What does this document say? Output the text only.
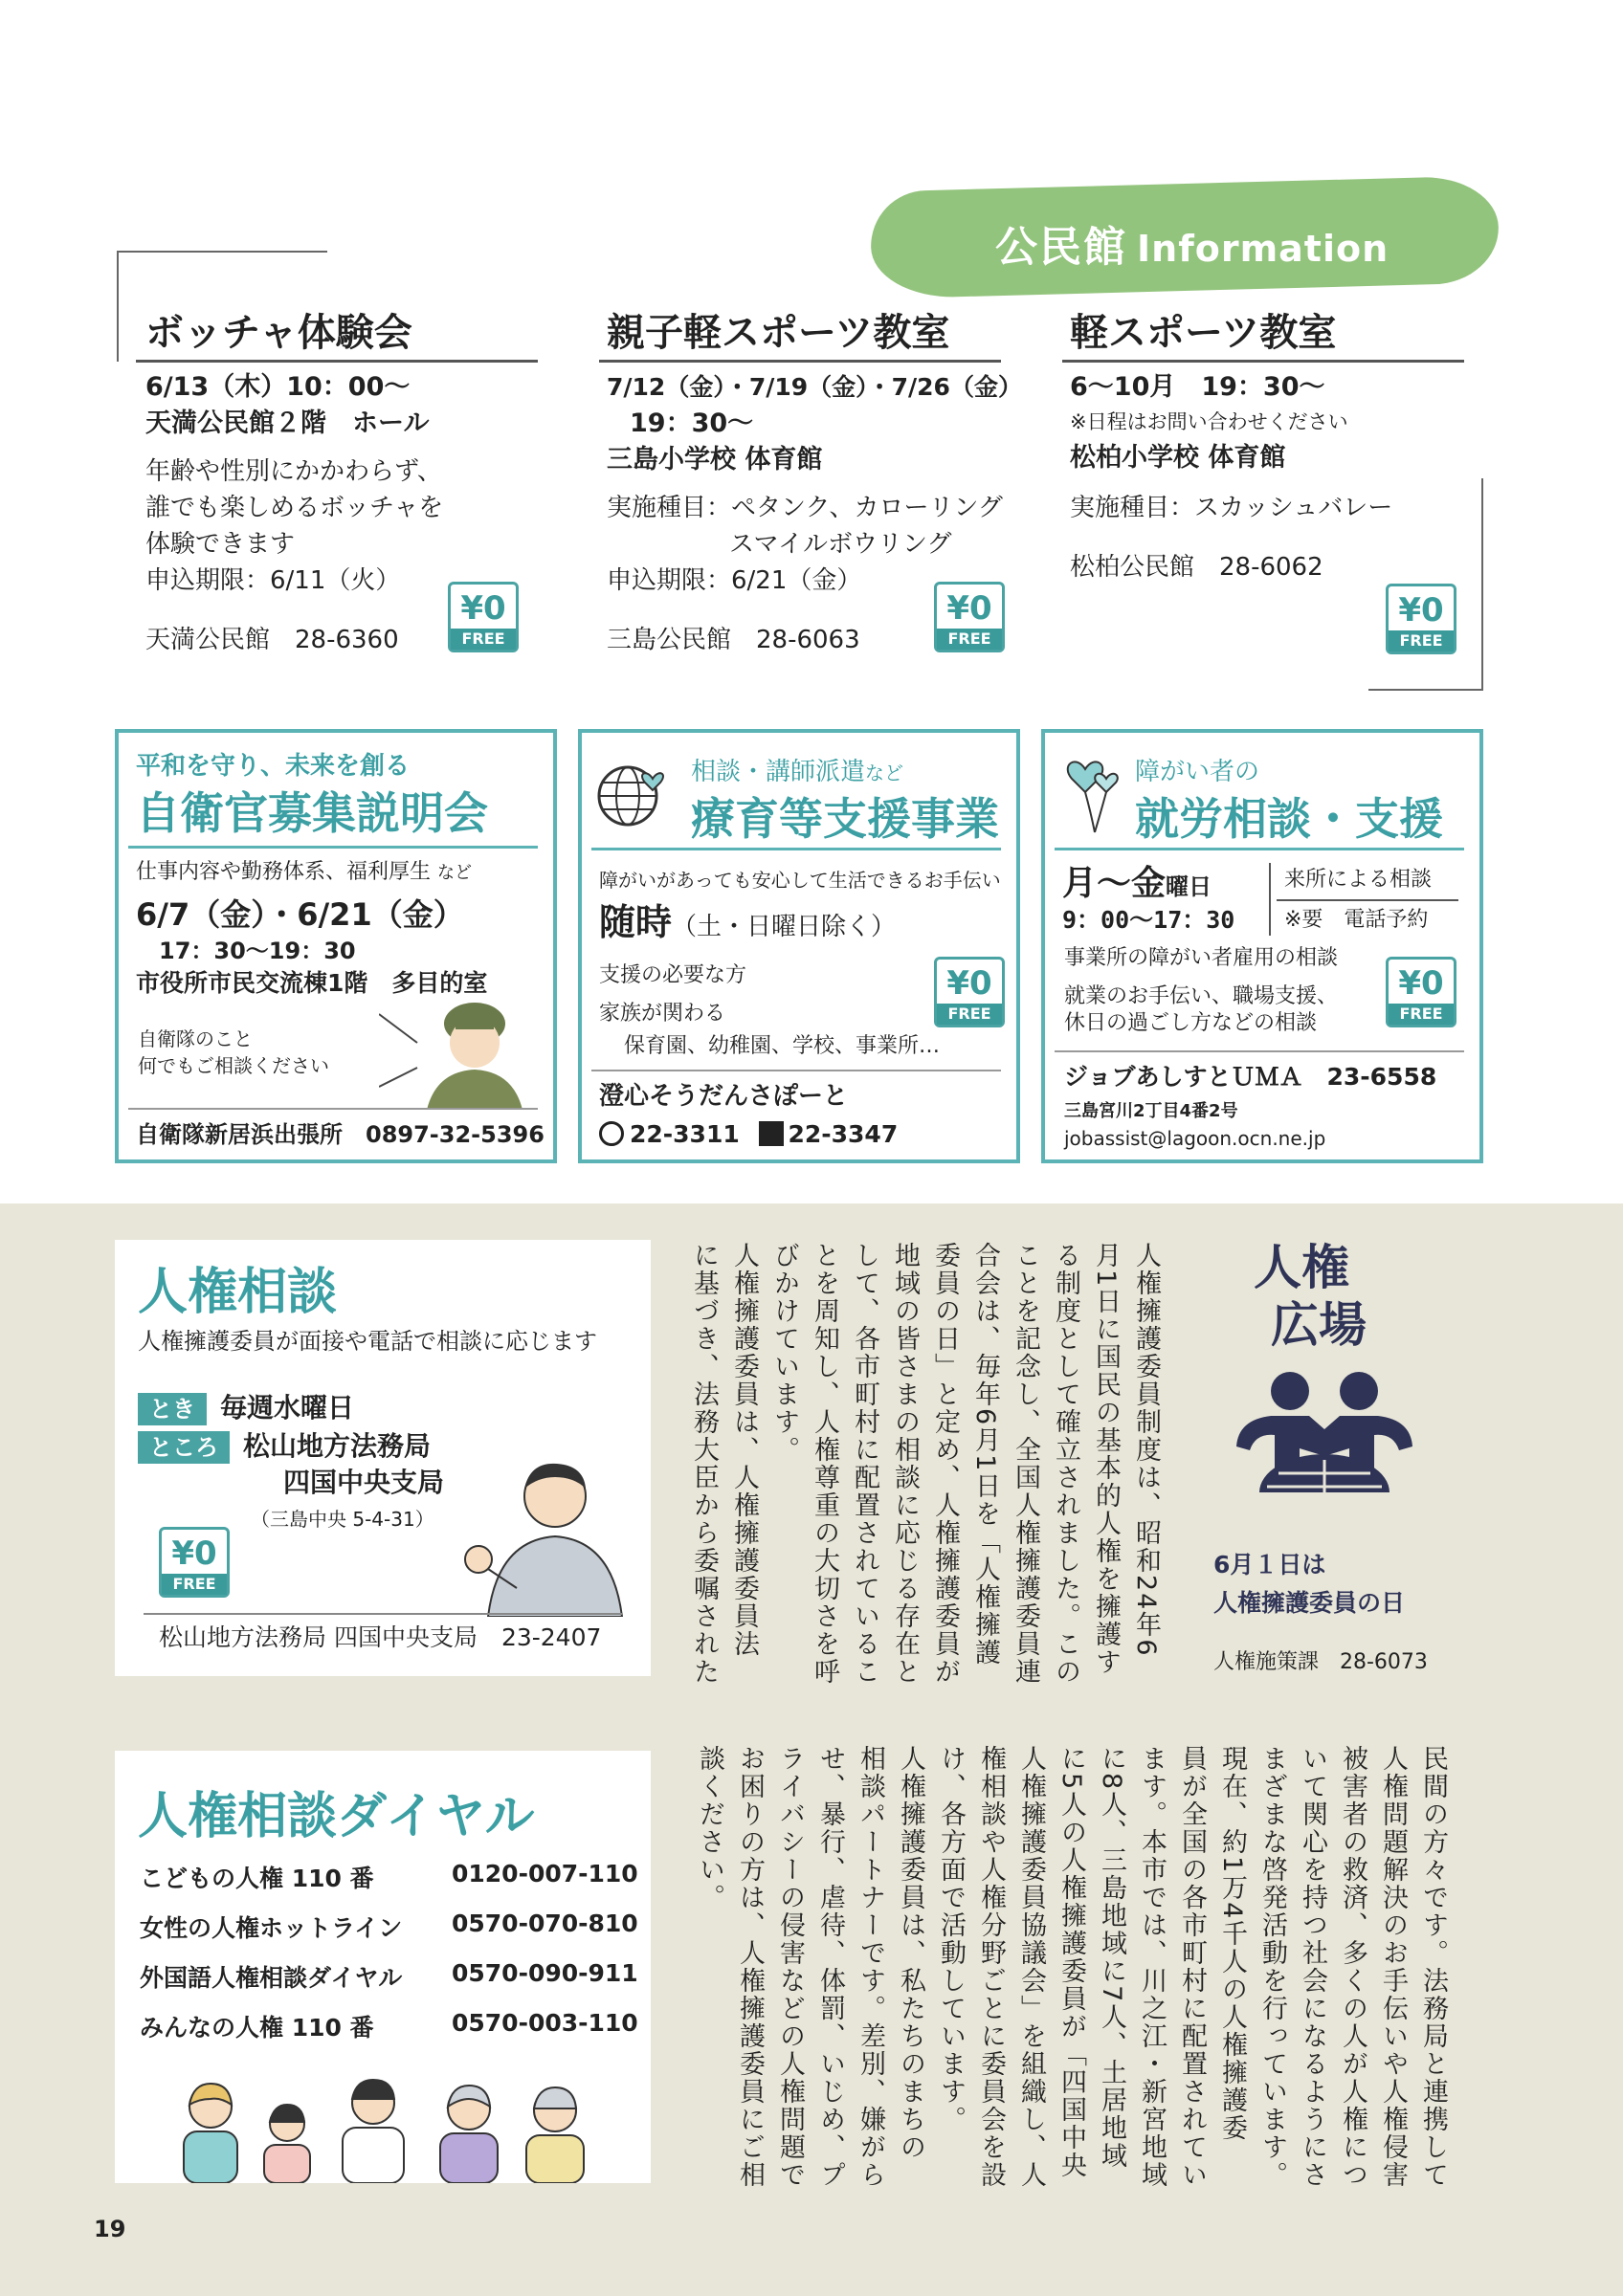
公民館 Information
ボッチャ体験会
6/13（木）10：00〜
天満公民館２階　ホール
年齢や性別にかかわらず、
誰でも楽しめるボッチャを
体験できます
申込期限：6/11（火）
天満公民館　28-6360
¥0
FREE
親子軽スポーツ教室
7/12（金）・7/19（金）・7/26（金）
19：30〜
三島小学校 体育館
実施種目：ペタンク、カローリング
スマイルボウリング
申込期限：6/21（金）
三島公民館　28-6063
¥0
FREE
軽スポーツ教室
6〜10月　19：30〜
※日程はお問い合わせください
松柏小学校 体育館
実施種目：スカッシュバレー
松柏公民館　28-6062
¥0
FREE
平和を守り、未来を創る
自衛官募集説明会
仕事内容や勤務体系、福利厚生 など
6/7（金）・6/21（金）
17：30〜19：30
市役所市民交流棟1階　多目的室
自衛隊のこと
何でもご相談ください
自衛隊新居浜出張所　0897-32-5396
相談・講師派遣など
療育等支援事業
障がいがあっても安心して生活できるお手伝い
随時（土・日曜日除く）
支援の必要な方
家族が関わる
保育園、幼稚園、学校、事業所…
¥0
FREE
澄心そうだんさぽーと
22-3311 22-3347
障がい者の
就労相談・支援
月〜金曜日
9：00〜17：30
来所による相談
※要　電話予約
事業所の障がい者雇用の相談
就業のお手伝い、職場支援、
休日の過ごし方などの相談
¥0
FREE
ジョブあしすとＵＭＡ　23-6558
三島宮川2丁目4番2号
jobassist@lagoon.ocn.ne.jp
人権相談
人権擁護委員が面接や電話で相談に応じます
とき 毎週水曜日
ところ 松山地方法務局
四国中央支局
（三島中央 5-4-31）
¥0
FREE
松山地方法務局 四国中央支局　23-2407	人権擁護委員制度は、昭和24年6
月1日に国民の基本的人権を擁護す
る制度として確立されました。この
ことを記念し、全国人権擁護委員連
合会は、毎年6月1日を「人権擁護
委員の日」と定め、人権擁護委員が
地域の皆さまの相談に応じる存在と
して、各市町村に配置されているこ
とを周知し、人権尊重の大切さを呼
びかけています。
人権擁護委員は、人権擁護委員法
に基づき、法務大臣から委嘱された	人権
広場
6月１日は
人権擁護委員の日
人権施策課　28-6073
人権相談ダイヤル
こどもの人権 110 番	0120-007-110
女性の人権ホットライン 0570-070-810
外国語人権相談ダイヤル 0570-090-911
みんなの人権 110 番	0570-003-110	民間の方々です。法務局と連携して
人権問題解決のお手伝いや人権侵害
被害者の救済、多くの人が人権につ
いて関心を持つ社会になるようにさ
まざまな啓発活動を行っています。
現在、約1万4千人の人権擁護委
員が全国の各市町村に配置されてい
ます。本市では、川之江・新宮地域
に8人、三島地域に7人、土居地域
に5人の人権擁護委員が「四国中央
人権擁護委員協議会」を組織し、人
権相談や人権分野ごとに委員会を設
け、各方面で活動しています。
人権擁護委員は、私たちのまちの
相談パートナーです。差別、嫌がら
せ、暴行、虐待、体罰、いじめ、プ
ライバシーの侵害などの人権問題で
お困りの方は、人権擁護委員にご相
談ください。
19
